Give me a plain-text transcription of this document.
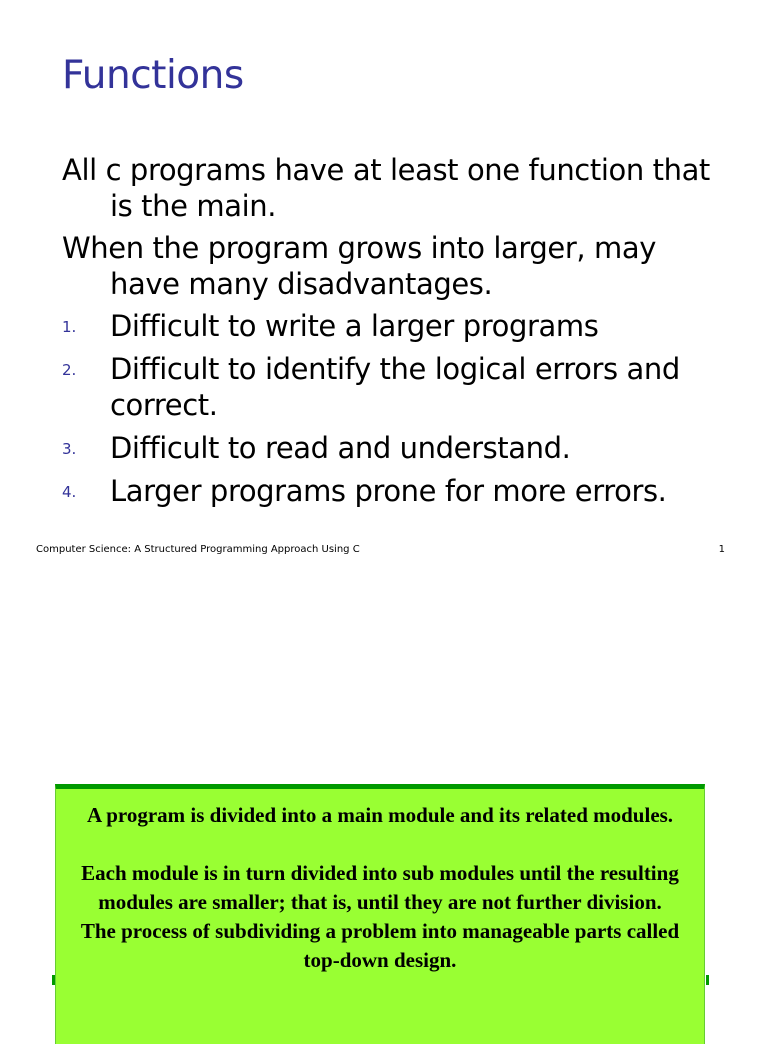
Functions

All c programs have at least one function that is the main.

When the program grows into larger, may have many disadvantages.

1. Difficult to write a larger programs
2. Difficult to identify the logical errors and correct.
3. Difficult to read and understand.
4. Larger programs prone for more errors.
Computer Science: A Structured Programming Approach Using C	1

A program is divided into a main module and its related modules.

Each module is in turn divided into sub modules until the resulting modules are smaller; that is, until they are not further division.

The process of subdividing a problem into manageable parts called top-down design.
